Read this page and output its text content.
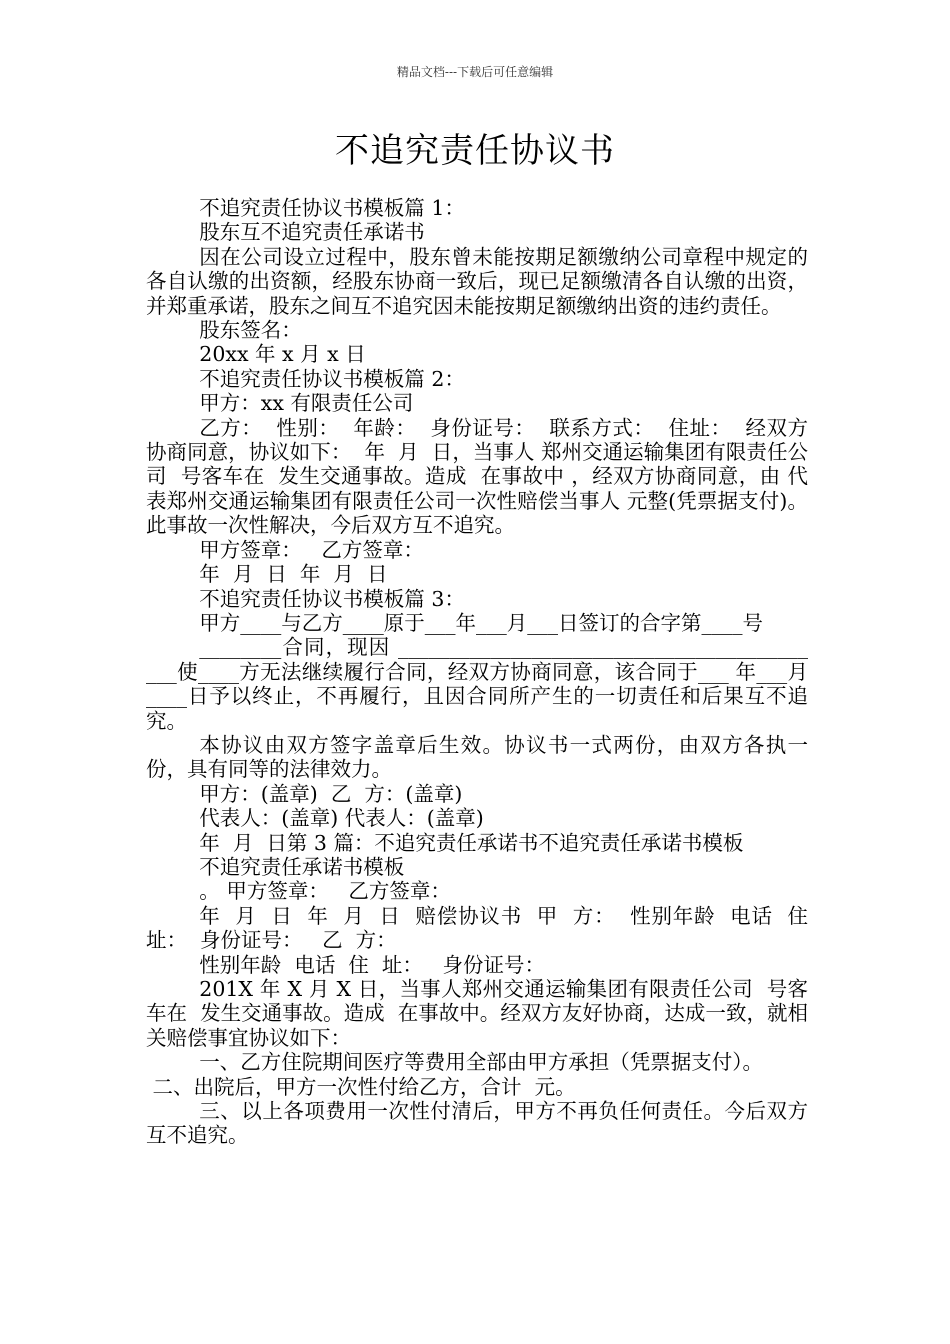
精品文档---下载后可任意编辑
不追究责任协议书

不追究责任协议书模板篇 1：

股东互不追究责任承诺书

因在公司设立过程中，股东曾未能按期足额缴纳公司章程中规定的各自认缴的出资额，经股东协商一致后，现已足额缴清各自认缴的出资，并郑重承诺，股东之间互不追究因未能按期足额缴纳出资的违约责任。

股东签名：

20xx 年 x 月 x 日

不追究责任协议书模板篇 2：

甲方：xx 有限责任公司

乙方：  性别：  年龄：  身份证号：  联系方式：  住址：  经双方协商同意，协议如下：  年  月  日，当事人 郑州交通运输集团有限责任公司  号客车在  发生交通事故。造成  在事故中 ，经双方协商同意，由 代表郑州交通运输集团有限责任公司一次性赔偿当事人 元整(凭票据支付)。此事故一次性解决，今后双方互不追究。

甲方签章：   乙方签章：

年  月  日  年  月  日

不追究责任协议书模板篇 3：

甲方____与乙方____原于___年___月___日签订的合字第____号

________合同，现因 ___________________________________________使____方无法继续履行合同，经双方协商同意，该合同于___ 年___月____日予以终止，不再履行，且因合同所产生的一切责任和后果互不追究。

本协议由双方签字盖章后生效。协议书一式两份，由双方各执一份，具有同等的法律效力。

甲方：(盖章)  乙  方：(盖章)

代表人：(盖章) 代表人：(盖章)

年  月  日第 3 篇：不追究责任承诺书不追究责任承诺书模板

不追究责任承诺书模板

。 甲方签章：   乙方签章：

年  月  日  年  月  日  赔偿协议书  甲  方：  性别年龄  电话  住址：  身份证号：   乙  方：

性别年龄  电话  住  址：   身份证号：

201X 年 X 月 X 日，当事人郑州交通运输集团有限责任公司  号客车在  发生交通事故。造成  在事故中。经双方友好协商，达成一致，就相关赔偿事宜协议如下：

一、乙方住院期间医疗等费用全部由甲方承担（凭票据支付）。

二、出院后，甲方一次性付给乙方，合计  元。

三、以上各项费用一次性付清后，甲方不再负任何责任。今后双方互不追究。
